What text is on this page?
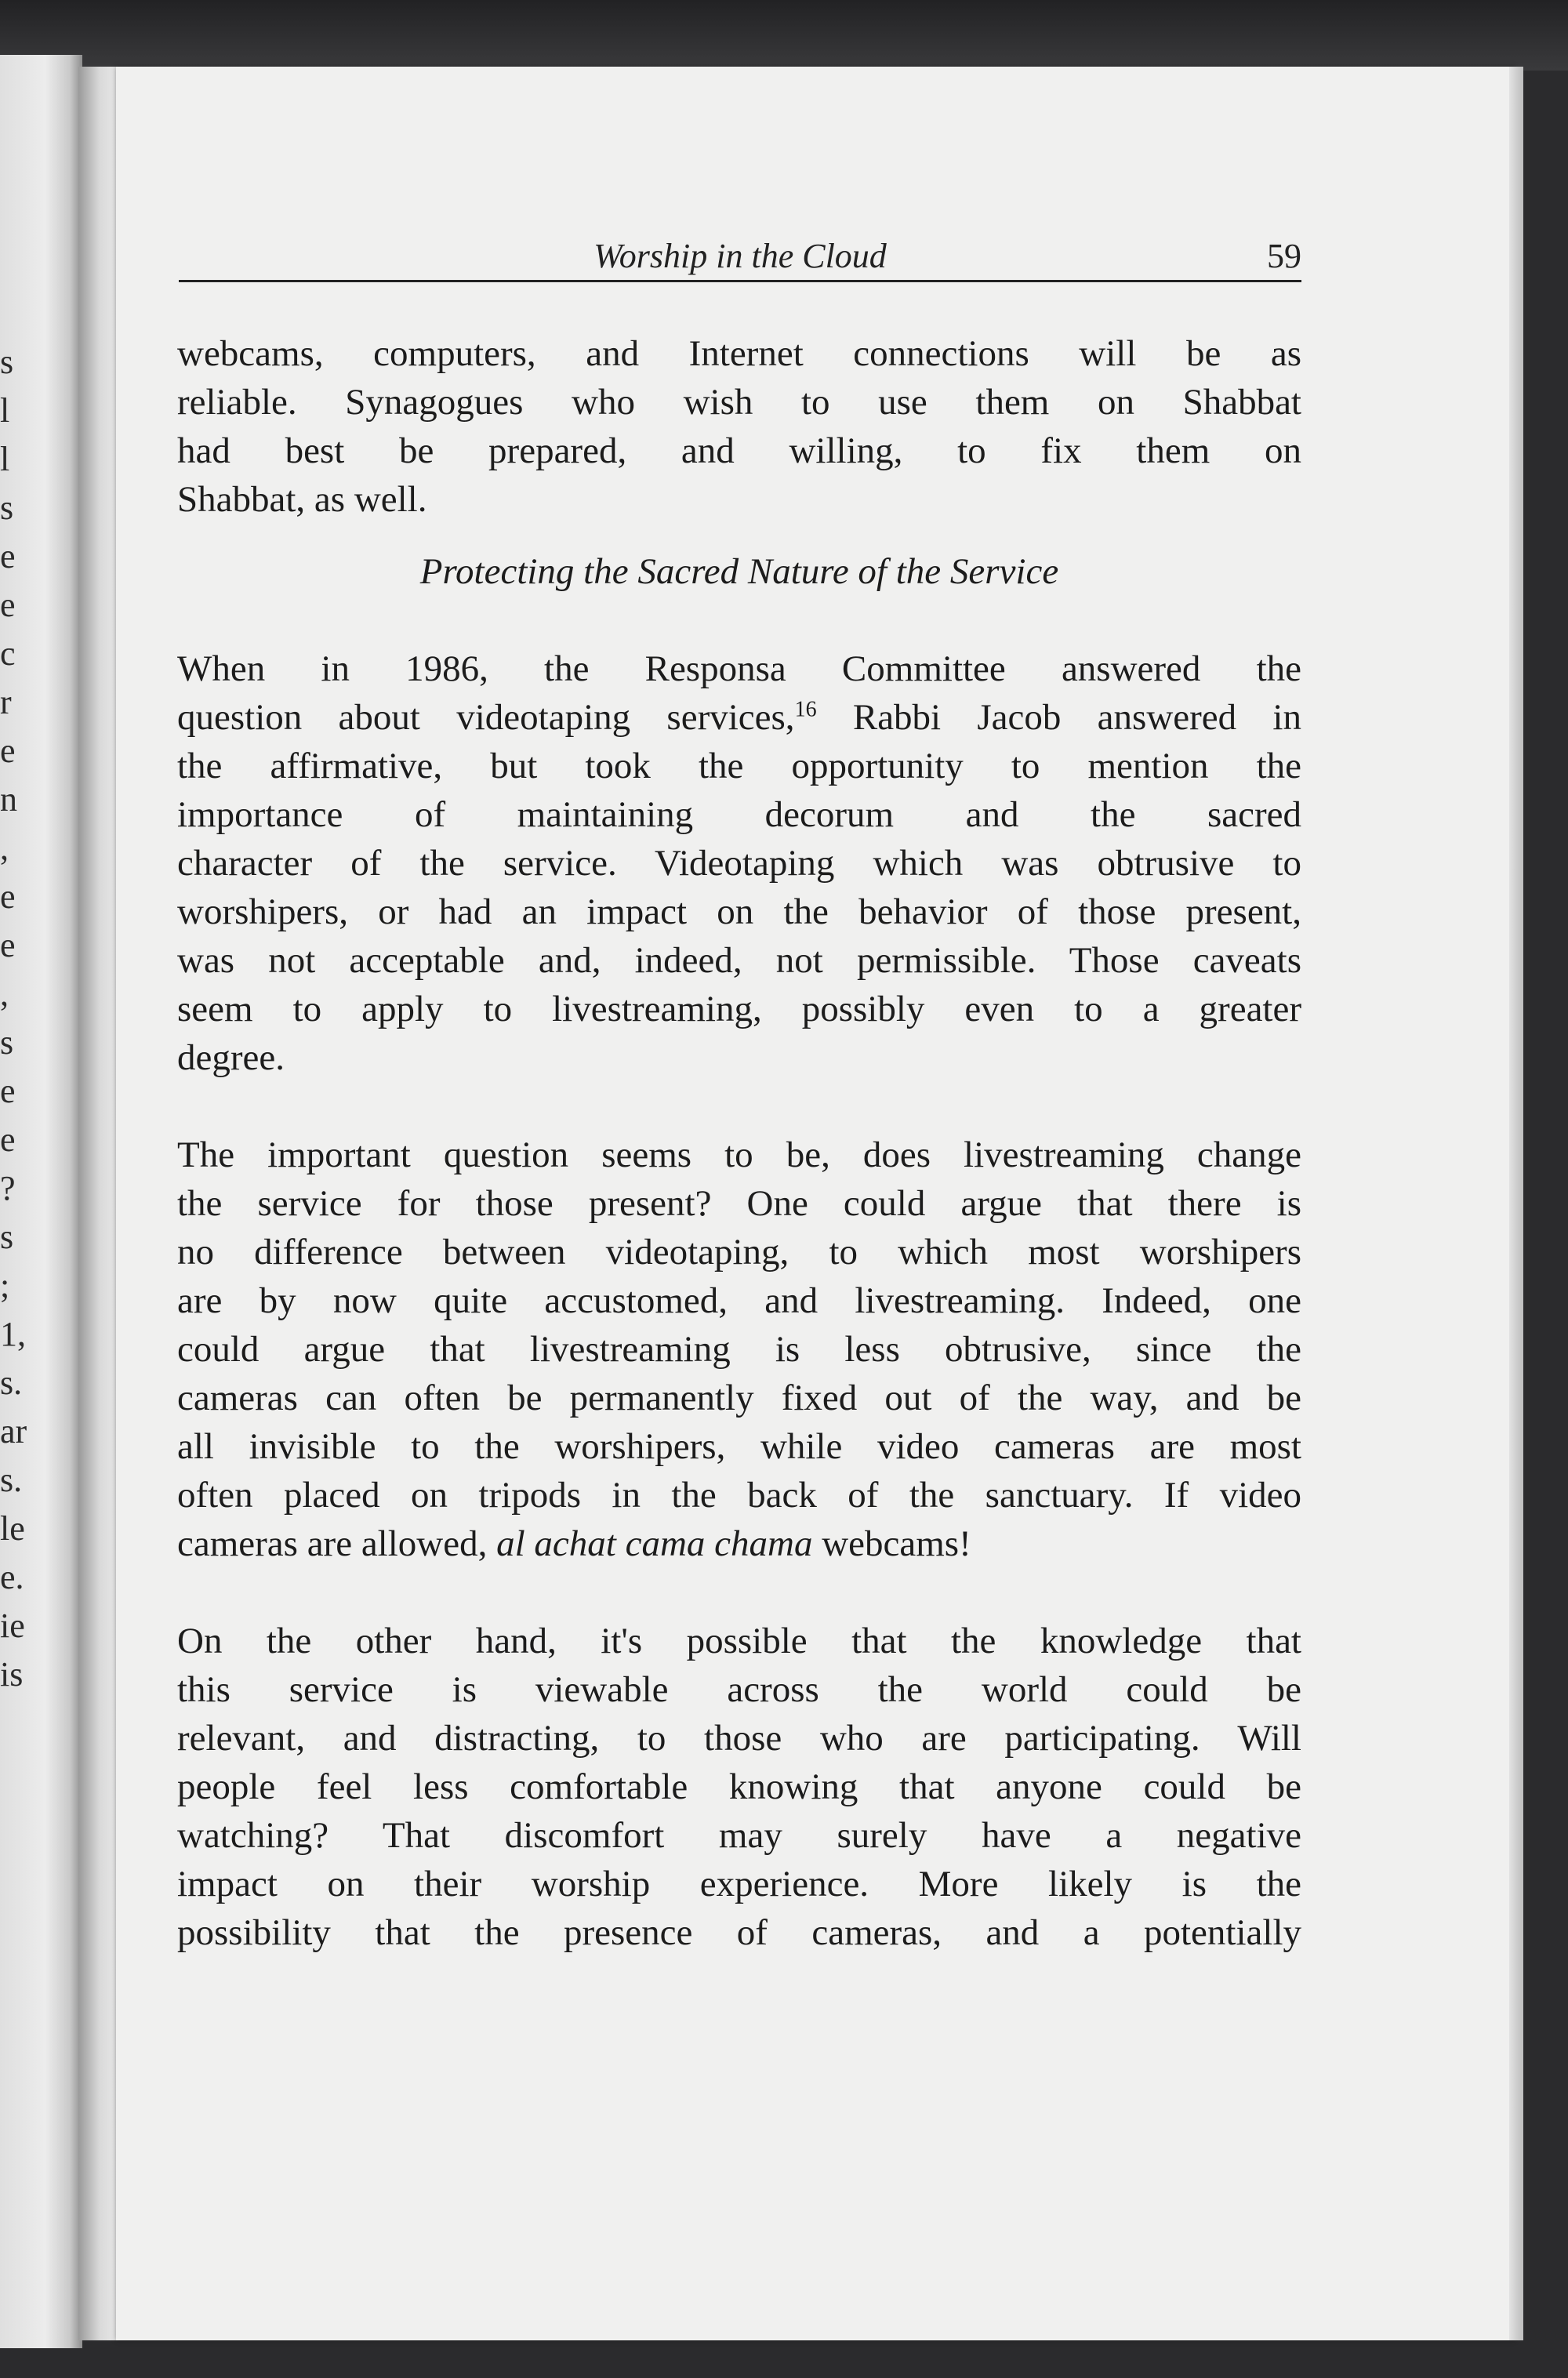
s
l
l
s
e
e
c
r
e
n
,
e
e
,
s
e
e
?
s
;
1,
s.
ar
s.
le
e.
ie
is
Worship in the Cloud	59
webcams, computers, and Internet connections will be as
reliable. Synagogues who wish to use them on Shabbat
had best be prepared, and willing, to fix them on
Shabbat, as well.
Protecting the Sacred Nature of the Service
When in 1986, the Responsa Committee answered the
question about videotaping services,$^{16}$ Rabbi Jacob answered in
the affirmative, but took the opportunity to mention the
importance of maintaining decorum and the sacred
character of the service. Videotaping which was obtrusive to
worshipers, or had an impact on the behavior of those present,
was not acceptable and, indeed, not permissible. Those caveats
seem to apply to livestreaming, possibly even to a greater
degree.
The important question seems to be, does livestreaming change
the service for those present? One could argue that there is
no difference between videotaping, to which most worshipers
are by now quite accustomed, and livestreaming. Indeed, one
could argue that livestreaming is less obtrusive, since the
cameras can often be permanently fixed out of the way, and be
all invisible to the worshipers, while video cameras are most
often placed on tripods in the back of the sanctuary. If video
cameras are allowed, al achat cama chama webcams!
On the other hand, it's possible that the knowledge that
this service is viewable across the world could be
relevant, and distracting, to those who are participating. Will
people feel less comfortable knowing that anyone could be
watching? That discomfort may surely have a negative
impact on their worship experience. More likely is the
possibility that the presence of cameras, and a potentially
